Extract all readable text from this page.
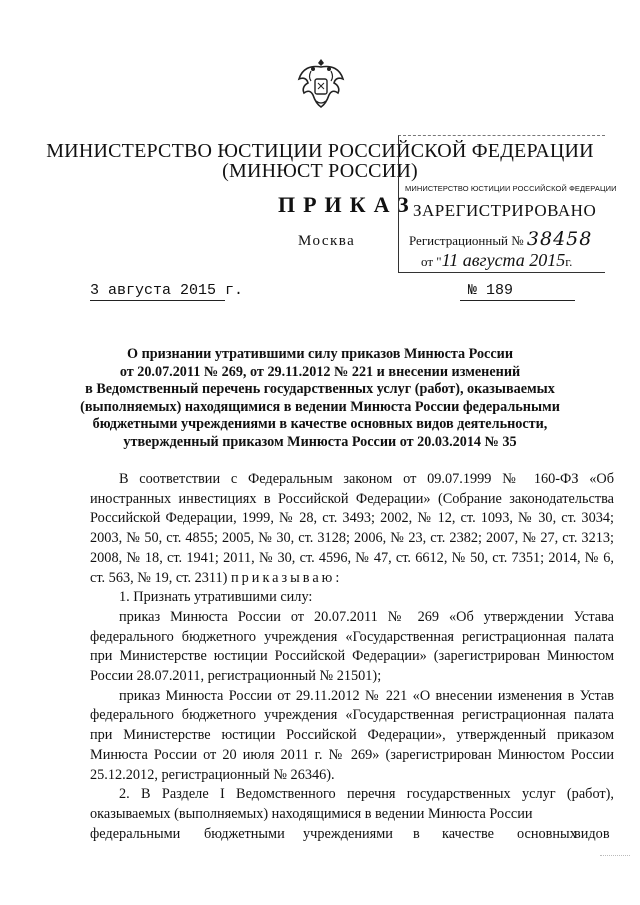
МИНИСТЕРСТВО ЮСТИЦИИ РОССИЙСКОЙ ФЕДЕРАЦИИ
(МИНЮСТ РОССИИ)
ПРИКАЗ
Москва
3 августа 2015 г.	№ 189
МИНИСТЕРСТВО ЮСТИЦИИ РОССИЙСКОЙ ФЕДЕРАЦИИ
ЗАРЕГИСТРИРОВАНО
Регистрационный № 38458
от "11 августа 2015г.
О признании утратившими силу приказов Минюста России
от 20.07.2011 № 269, от 29.11.2012 № 221 и внесении изменений
в Ведомственный перечень государственных услуг (работ), оказываемых
(выполняемых) находящимися в ведении Минюста России федеральными
бюджетными учреждениями в качестве основных видов деятельности,
утвержденный приказом Минюста России от 20.03.2014 № 35

В соответствии с Федеральным законом от 09.07.1999 № 160-ФЗ «Об иностранных инвестициях в Российской Федерации» (Собрание законодательства Российской Федерации, 1999, № 28, ст. 3493; 2002, № 12, ст. 1093, № 30, ст. 3034; 2003, № 50, ст. 4855; 2005, № 30, ст. 3128; 2006, № 23, ст. 2382; 2007, № 27, ст. 3213; 2008, № 18, ст. 1941; 2011, № 30, ст. 4596, № 47, ст. 6612, № 50, ст. 7351; 2014, № 6, ст. 563, № 19, ст. 2311) приказываю:

1. Признать утратившими силу:

приказ Минюста России от 20.07.2011 № 269 «Об утверждении Устава федерального бюджетного учреждения «Государственная регистрационная палата при Министерстве юстиции Российской Федерации» (зарегистрирован Минюстом России 28.07.2011, регистрационный № 21501);

приказ Минюста России от 29.11.2012 № 221 «О внесении изменения в Устав федерального бюджетного учреждения «Государственная регистрационная палата при Министерстве юстиции Российской Федерации», утвержденный приказом Минюста России от 20 июля 2011 г. № 269» (зарегистрирован Минюстом России 25.12.2012, регистрационный № 26346).

2. В Разделе I Ведомственного перечня государственных услуг (работ), оказываемых (выполняемых) находящимися в ведении Минюста России

федеральными бюджетными учреждениями в качестве основных
видов
